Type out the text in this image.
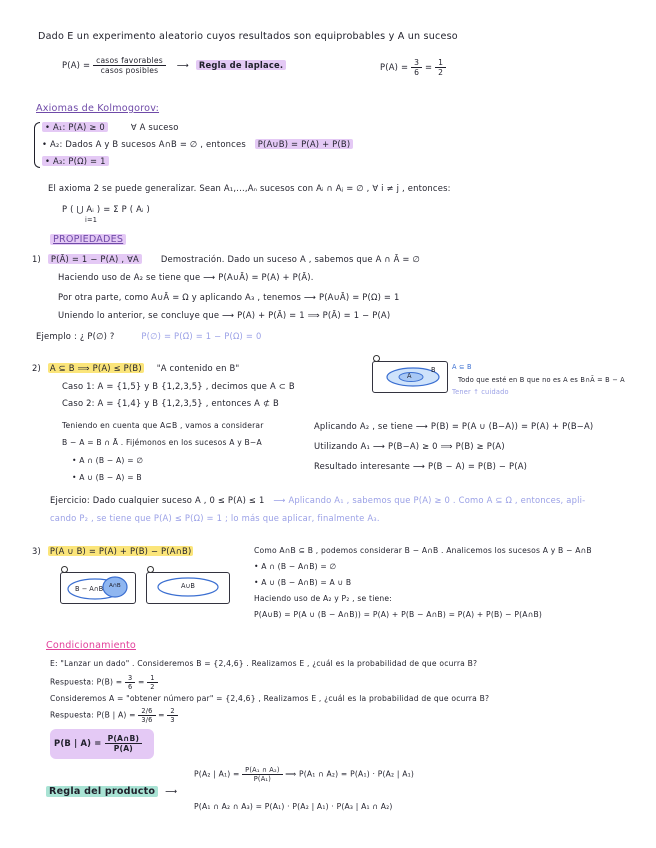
Dado E un experimento aleatorio cuyos resultados son equiprobables y A un suceso
$P(A) = \frac{\text{casos favorables}}{\text{casos posibles}}$ ⟶ Regla de laplace.	$P(A) = \frac{3}{6} = \frac{1}{2}$
Axiomas de Kolmogorov:
• A₁: P(A) ≥ 0	∀ A suceso
• A₂: Dados A y B sucesos A∩B = ∅ , entonces P(A∪B) = P(A) + P(B)
• A₃: P(Ω) = 1
El axioma 2 se puede generalizar. Sean A₁,...,Aₙ sucesos con Aᵢ ∩ Aⱼ = ∅ , ∀ i ≠ j , entonces:
P ( ⋃ Aᵢ ) = Σ P ( Aᵢ )
i=1
PROPIEDADES
1) P(Ā) = 1 − P(A) , ∀A	Demostración. Dado un suceso A , sabemos que A ∩ Ā = ∅
Haciendo uso de A₂ se tiene que ⟶ P(A∪Ā) = P(A) + P(Ā).
Por otra parte, como A∪Ā = Ω y aplicando A₃ , tenemos ⟶ P(A∪Ā) = P(Ω) = 1
Uniendo lo anterior, se concluye que ⟶ P(A) + P(Ā) = 1 ⟹ P(Ā) = 1 − P(A)
Ejemplo : ¿ P(∅) ?	P(∅) = P(Ω̄) = 1 − P(Ω) = 0
2) A ⊆ B ⟹ P(A) ≤ P(B) "A contenido en B"
Caso 1: A = {1,5} y B {1,2,3,5} , decimos que A ⊂ B
Caso 2: A = {1,4} y B {1,2,3,5} , entonces A ⊄ B
A
B A ⊆ B
Todo que esté en B que no es A es B∩Ā = B − A
Tener ↑ cuidado
Teniendo en cuenta que A⊆B , vamos a considerar
B − A = B ∩ Ā . Fijémonos en los sucesos A y B−A
• A ∩ (B − A) = ∅
• A ∪ (B − A) = B
Aplicando A₂ , se tiene ⟶ P(B) = P(A ∪ (B−A)) = P(A) + P(B−A)
Utilizando A₁ ⟶ P(B−A) ≥ 0 ⟹ P(B) ≥ P(A)
Resultado interesante ⟶ P(B − A) = P(B) − P(A)
Ejercicio: Dado cualquier suceso A , 0 ≤ P(A) ≤ 1 ⟶ Aplicando A₁ , sabemos que P(A) ≥ 0 . Como A ⊆ Ω , entonces, apli-
cando P₂ , se tiene que P(A) ≤ P(Ω) = 1 ; lo más que aplicar, finalmente A₃.
3) P(A ∪ B) = P(A) + P(B) − P(A∩B)
B − A∩B A∩B	A∪B
Como A∩B ⊆ B , podemos considerar B − A∩B . Analicemos los sucesos A y B − A∩B
• A ∩ (B − A∩B) = ∅
• A ∪ (B − A∩B) = A ∪ B
Haciendo uso de A₂ y P₂ , se tiene:
P(A∪B) = P(A ∪ (B − A∩B)) = P(A) + P(B − A∩B) = P(A) + P(B) − P(A∩B)
Condicionamiento
E: "Lanzar un dado" . Consideremos B = {2,4,6} . Realizamos E , ¿cuál es la probabilidad de que ocurra B?
Respuesta: $P(B) = \frac{3}{6} = \frac{1}{2}$
Consideremos A = "obtener número par" = {2,4,6} , Realizamos E , ¿cuál es la probabilidad de que ocurra B?
Respuesta: P(B | $A) = \frac{2/6}{3/6} = \frac{2}{3}$
P(B | $A) = \frac{P(A\cap B)}{P(A)}$
Regla del producto ⟶
P(A₂ | $A_1) = \frac{\text{P(A₁ ∩ A₂)}}{\text{P(A₁)}}$ ⟹ P(A₁ ∩ A₂) = P(A₁) · P(A₂ | A₁)
P(A₁ ∩ A₂ ∩ A₃) = P(A₁) · P(A₂ | A₁) · P(A₃ | A₁ ∩ A₂)
